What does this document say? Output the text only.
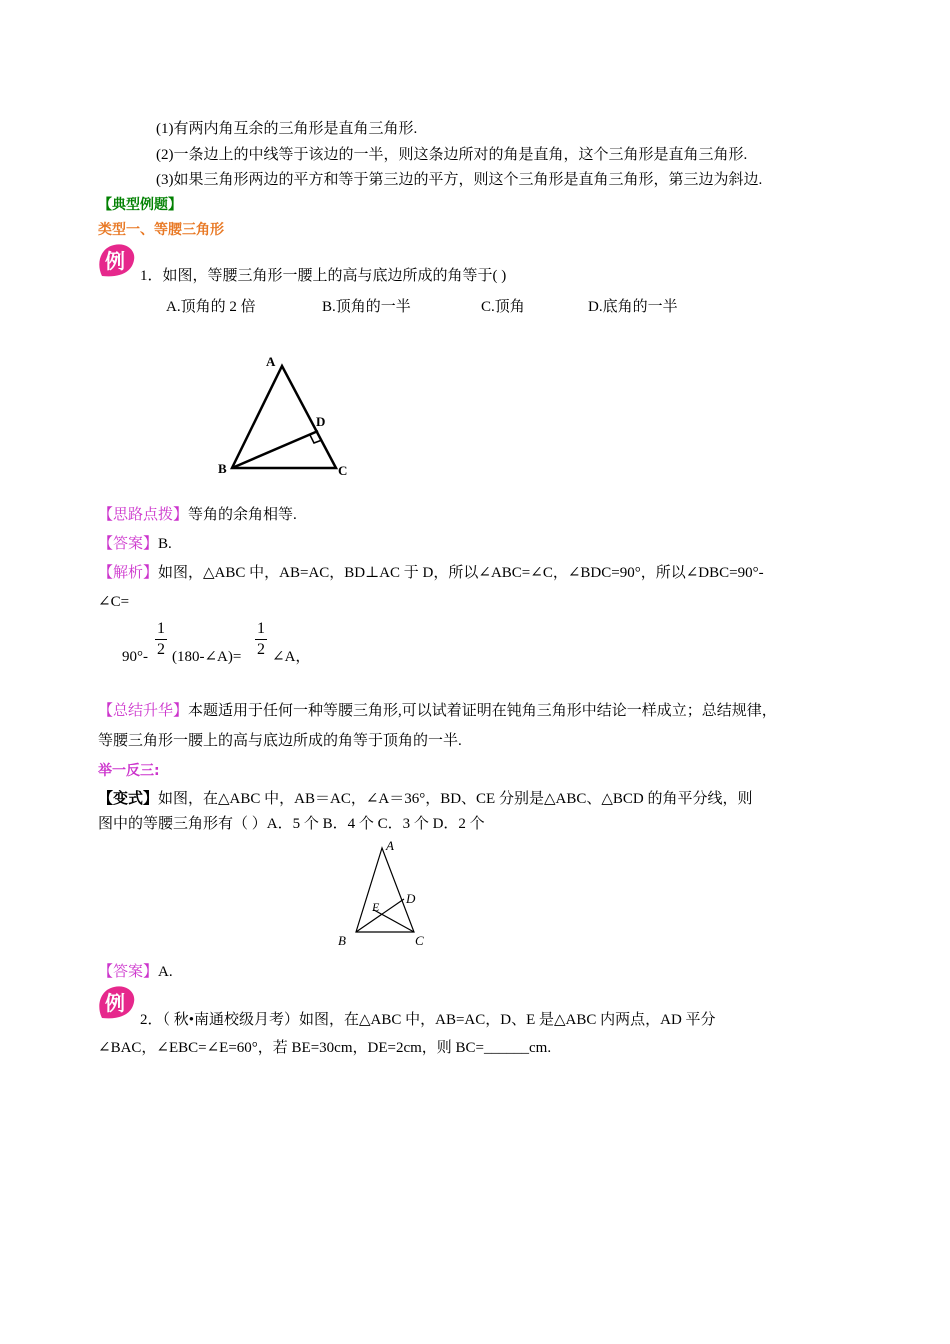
(1)有两内角互余的三角形是直角三角形.
(2)一条边上的中线等于该边的一半，则这条边所对的角是直角，这个三角形是直角三角形.
(3)如果三角形两边的平方和等于第三边的平方，则这个三角形是直角三角形，第三边为斜边.
【典型例题】
类型一、等腰三角形
例
1．如图，等腰三角形一腰上的高与底边所成的角等于( )
A.顶角的 2 倍	B.顶角的一半	C.顶角	D.底角的一半
A
B	C
D
【思路点拨】等角的余角相等.
【答案】B.
【解析】如图，△ABC 中，AB=AC，BD⊥AC 于 D，所以∠ABC=∠C，∠BDC=90°，所以∠DBC=90°-
∠C=
90°-
1
2 (180-∠A)=
1
2 ∠A，
【总结升华】本题适用于任何一种等腰三角形,可以试着证明在钝角三角形中结论一样成立；总结规律，
等腰三角形一腰上的高与底边所成的角等于顶角的一半.
举一反三:
【变式】如图，在△ABC 中，AB＝AC，∠A＝36°，BD、CE 分别是△ABC、△BCD 的角平分线，则
图中的等腰三角形有（ ）A．5 个 B．4 个 C．3 个 D．2 个
A
B	C
D
E
【答案】A.
例
2．（ 秋•南通校级月考）如图，在△ABC 中，AB=AC，D、E 是△ABC 内两点，AD 平分
∠BAC，∠EBC=∠E=60°，若 BE=30cm，DE=2cm，则 BC=______cm.
